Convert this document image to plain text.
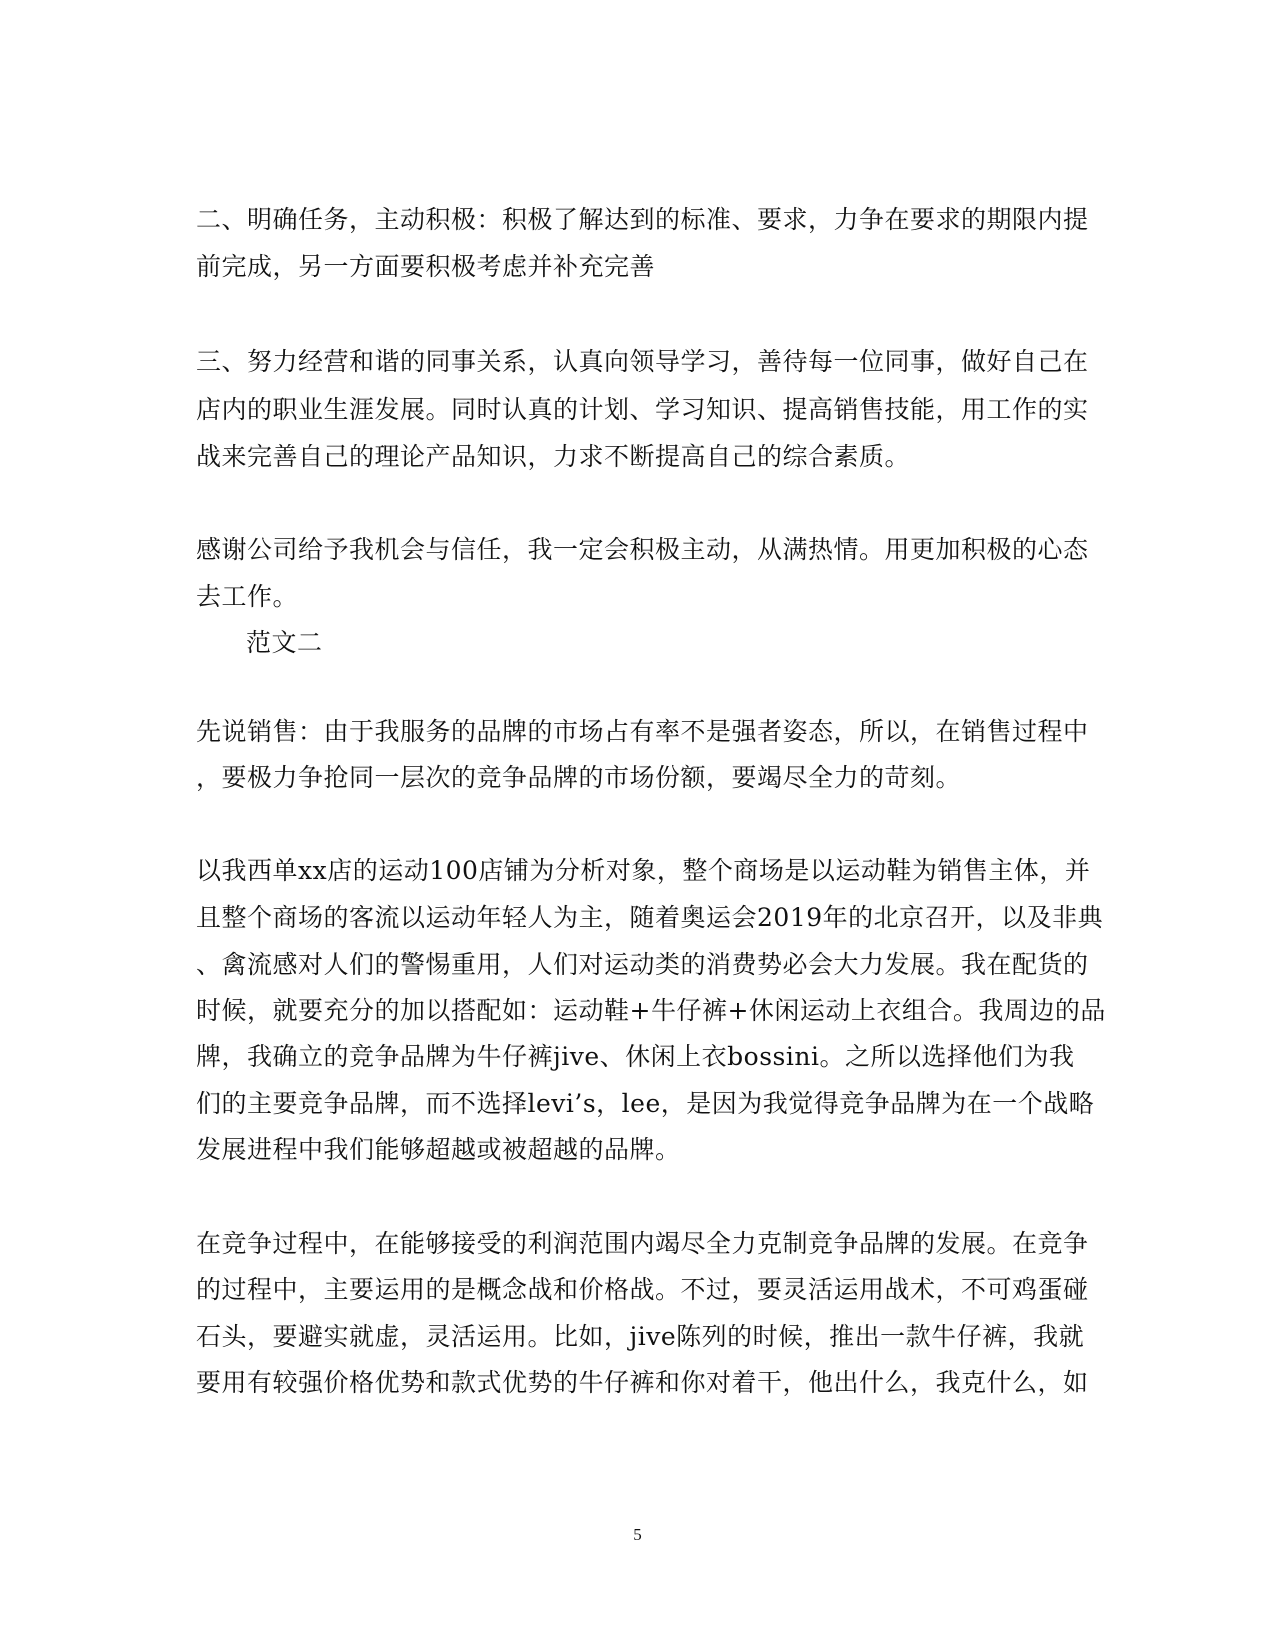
二、明确任务，主动积极：积极了解达到的标准、要求，力争在要求的期限内提
前完成，另一方面要积极考虑并补充完善
三、努力经营和谐的同事关系，认真向领导学习，善待每一位同事，做好自己在
店内的职业生涯发展。同时认真的计划、学习知识、提高销售技能，用工作的实
战来完善自己的理论产品知识，力求不断提高自己的综合素质。
感谢公司给予我机会与信任，我一定会积极主动，从满热情。用更加积极的心态
去工作。
范文二
先说销售：由于我服务的品牌的市场占有率不是强者姿态，所以，在销售过程中
，要极力争抢同一层次的竞争品牌的市场份额，要竭尽全力的苛刻。
以我西单xx店的运动100店铺为分析对象，整个商场是以运动鞋为销售主体，并
且整个商场的客流以运动年轻人为主，随着奥运会2019年的北京召开，以及非典
、禽流感对人们的警惕重用，人们对运动类的消费势必会大力发展。我在配货的
时候，就要充分的加以搭配如：运动鞋+牛仔裤+休闲运动上衣组合。我周边的品
牌，我确立的竞争品牌为牛仔裤jive、休闲上衣bossini。之所以选择他们为我
们的主要竞争品牌，而不选择levi’s，lee，是因为我觉得竞争品牌为在一个战略
发展进程中我们能够超越或被超越的品牌。
在竞争过程中，在能够接受的利润范围内竭尽全力克制竞争品牌的发展。在竞争
的过程中，主要运用的是概念战和价格战。不过，要灵活运用战术，不可鸡蛋碰
石头，要避实就虚，灵活运用。比如，jive陈列的时候，推出一款牛仔裤，我就
要用有较强价格优势和款式优势的牛仔裤和你对着干，他出什么，我克什么，如
5
